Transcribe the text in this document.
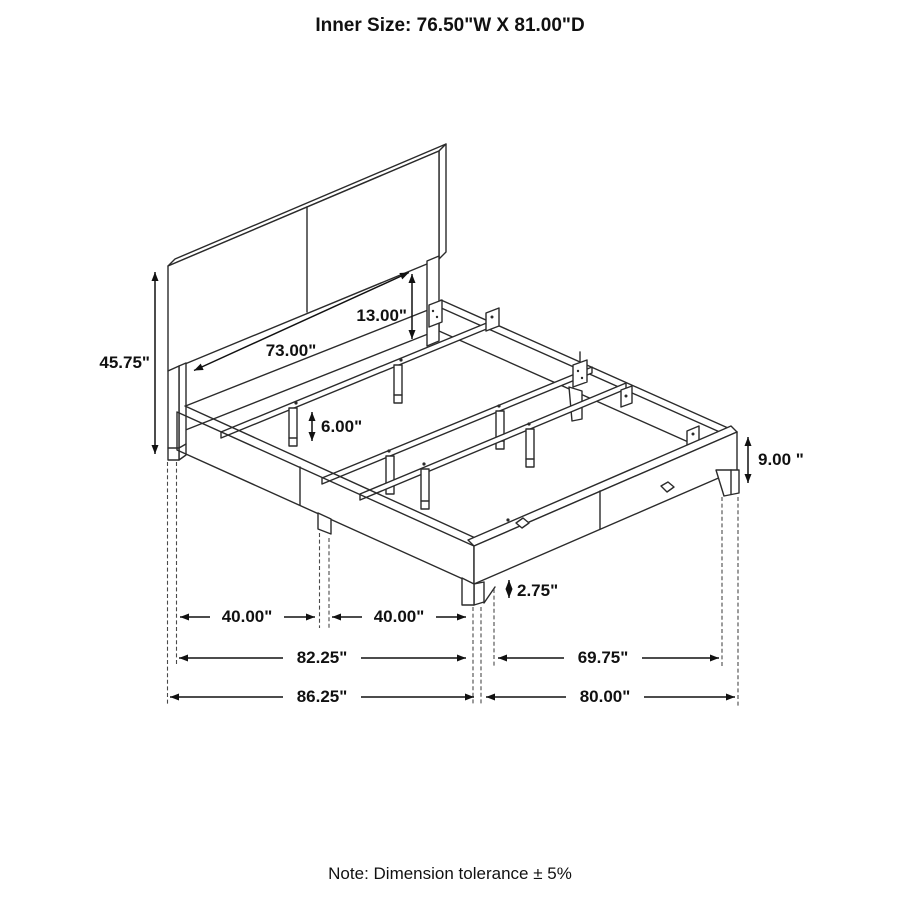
45.75"
73.00"
13.00"
6.00"
9.00 "
2.75"
40.00"	40.00"
82.25"	69.75"
86.25"	80.00"
Inner Size: 76.50"W X 81.00"D
Note: Dimension tolerance ± 5%
